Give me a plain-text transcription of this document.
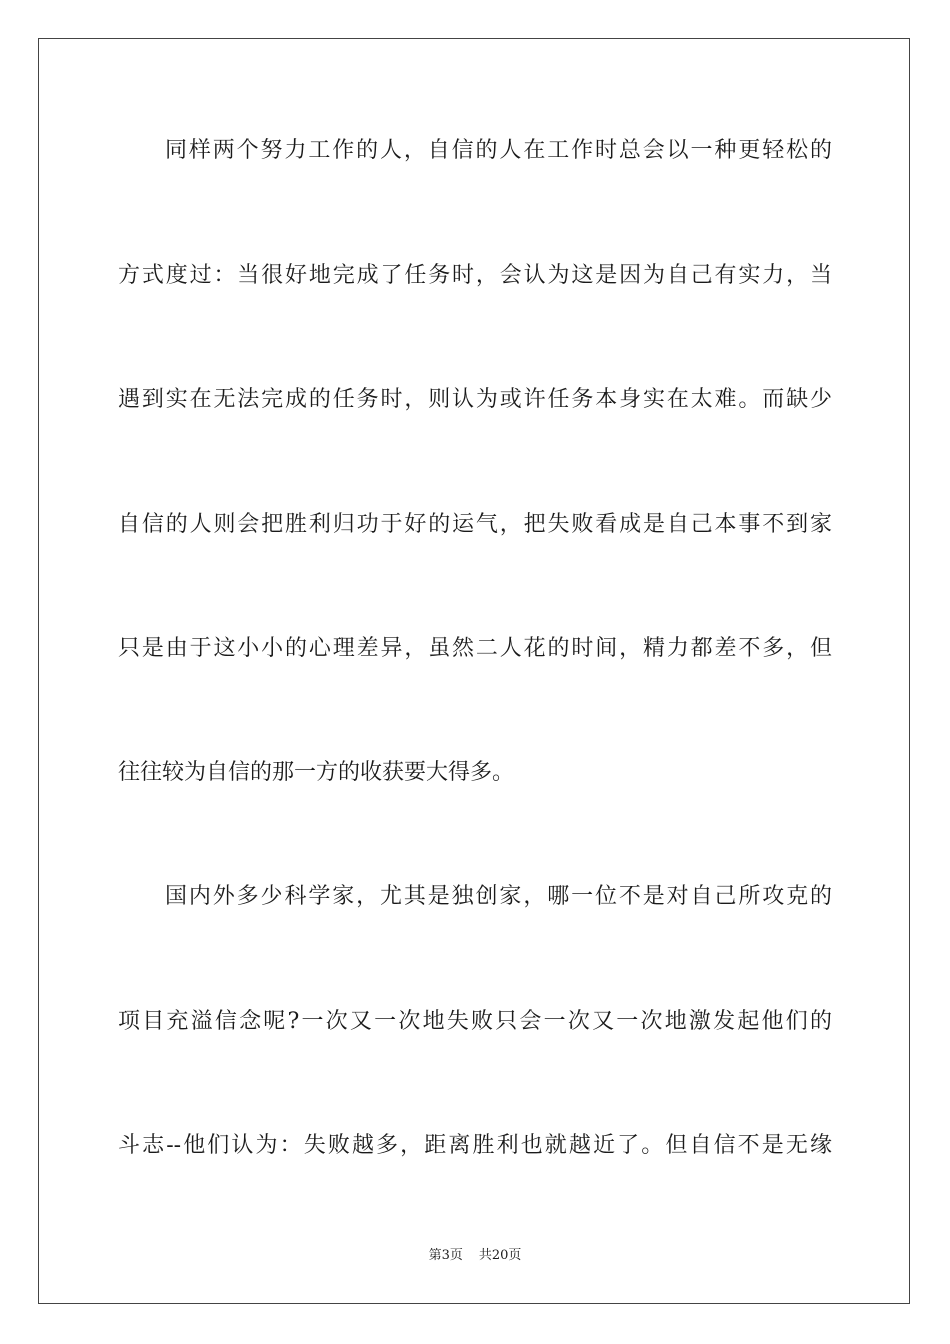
同样两个努力工作的人，自信的人在工作时总会以一种更轻松的
方式度过：当很好地完成了任务时，会认为这是因为自己有实力，当
遇到实在无法完成的任务时，则认为或许任务本身实在太难。而缺少
自信的人则会把胜利归功于好的运气，把失败看成是自己本事不到家
只是由于这小小的心理差异，虽然二人花的时间，精力都差不多，但
往往较为自信的那一方的收获要大得多。
国内外多少科学家，尤其是独创家，哪一位不是对自己所攻克的
项目充溢信念呢?一次又一次地失败只会一次又一次地激发起他们的
斗志--他们认为：失败越多，距离胜利也就越近了。但自信不是无缘
第3页 共20页
